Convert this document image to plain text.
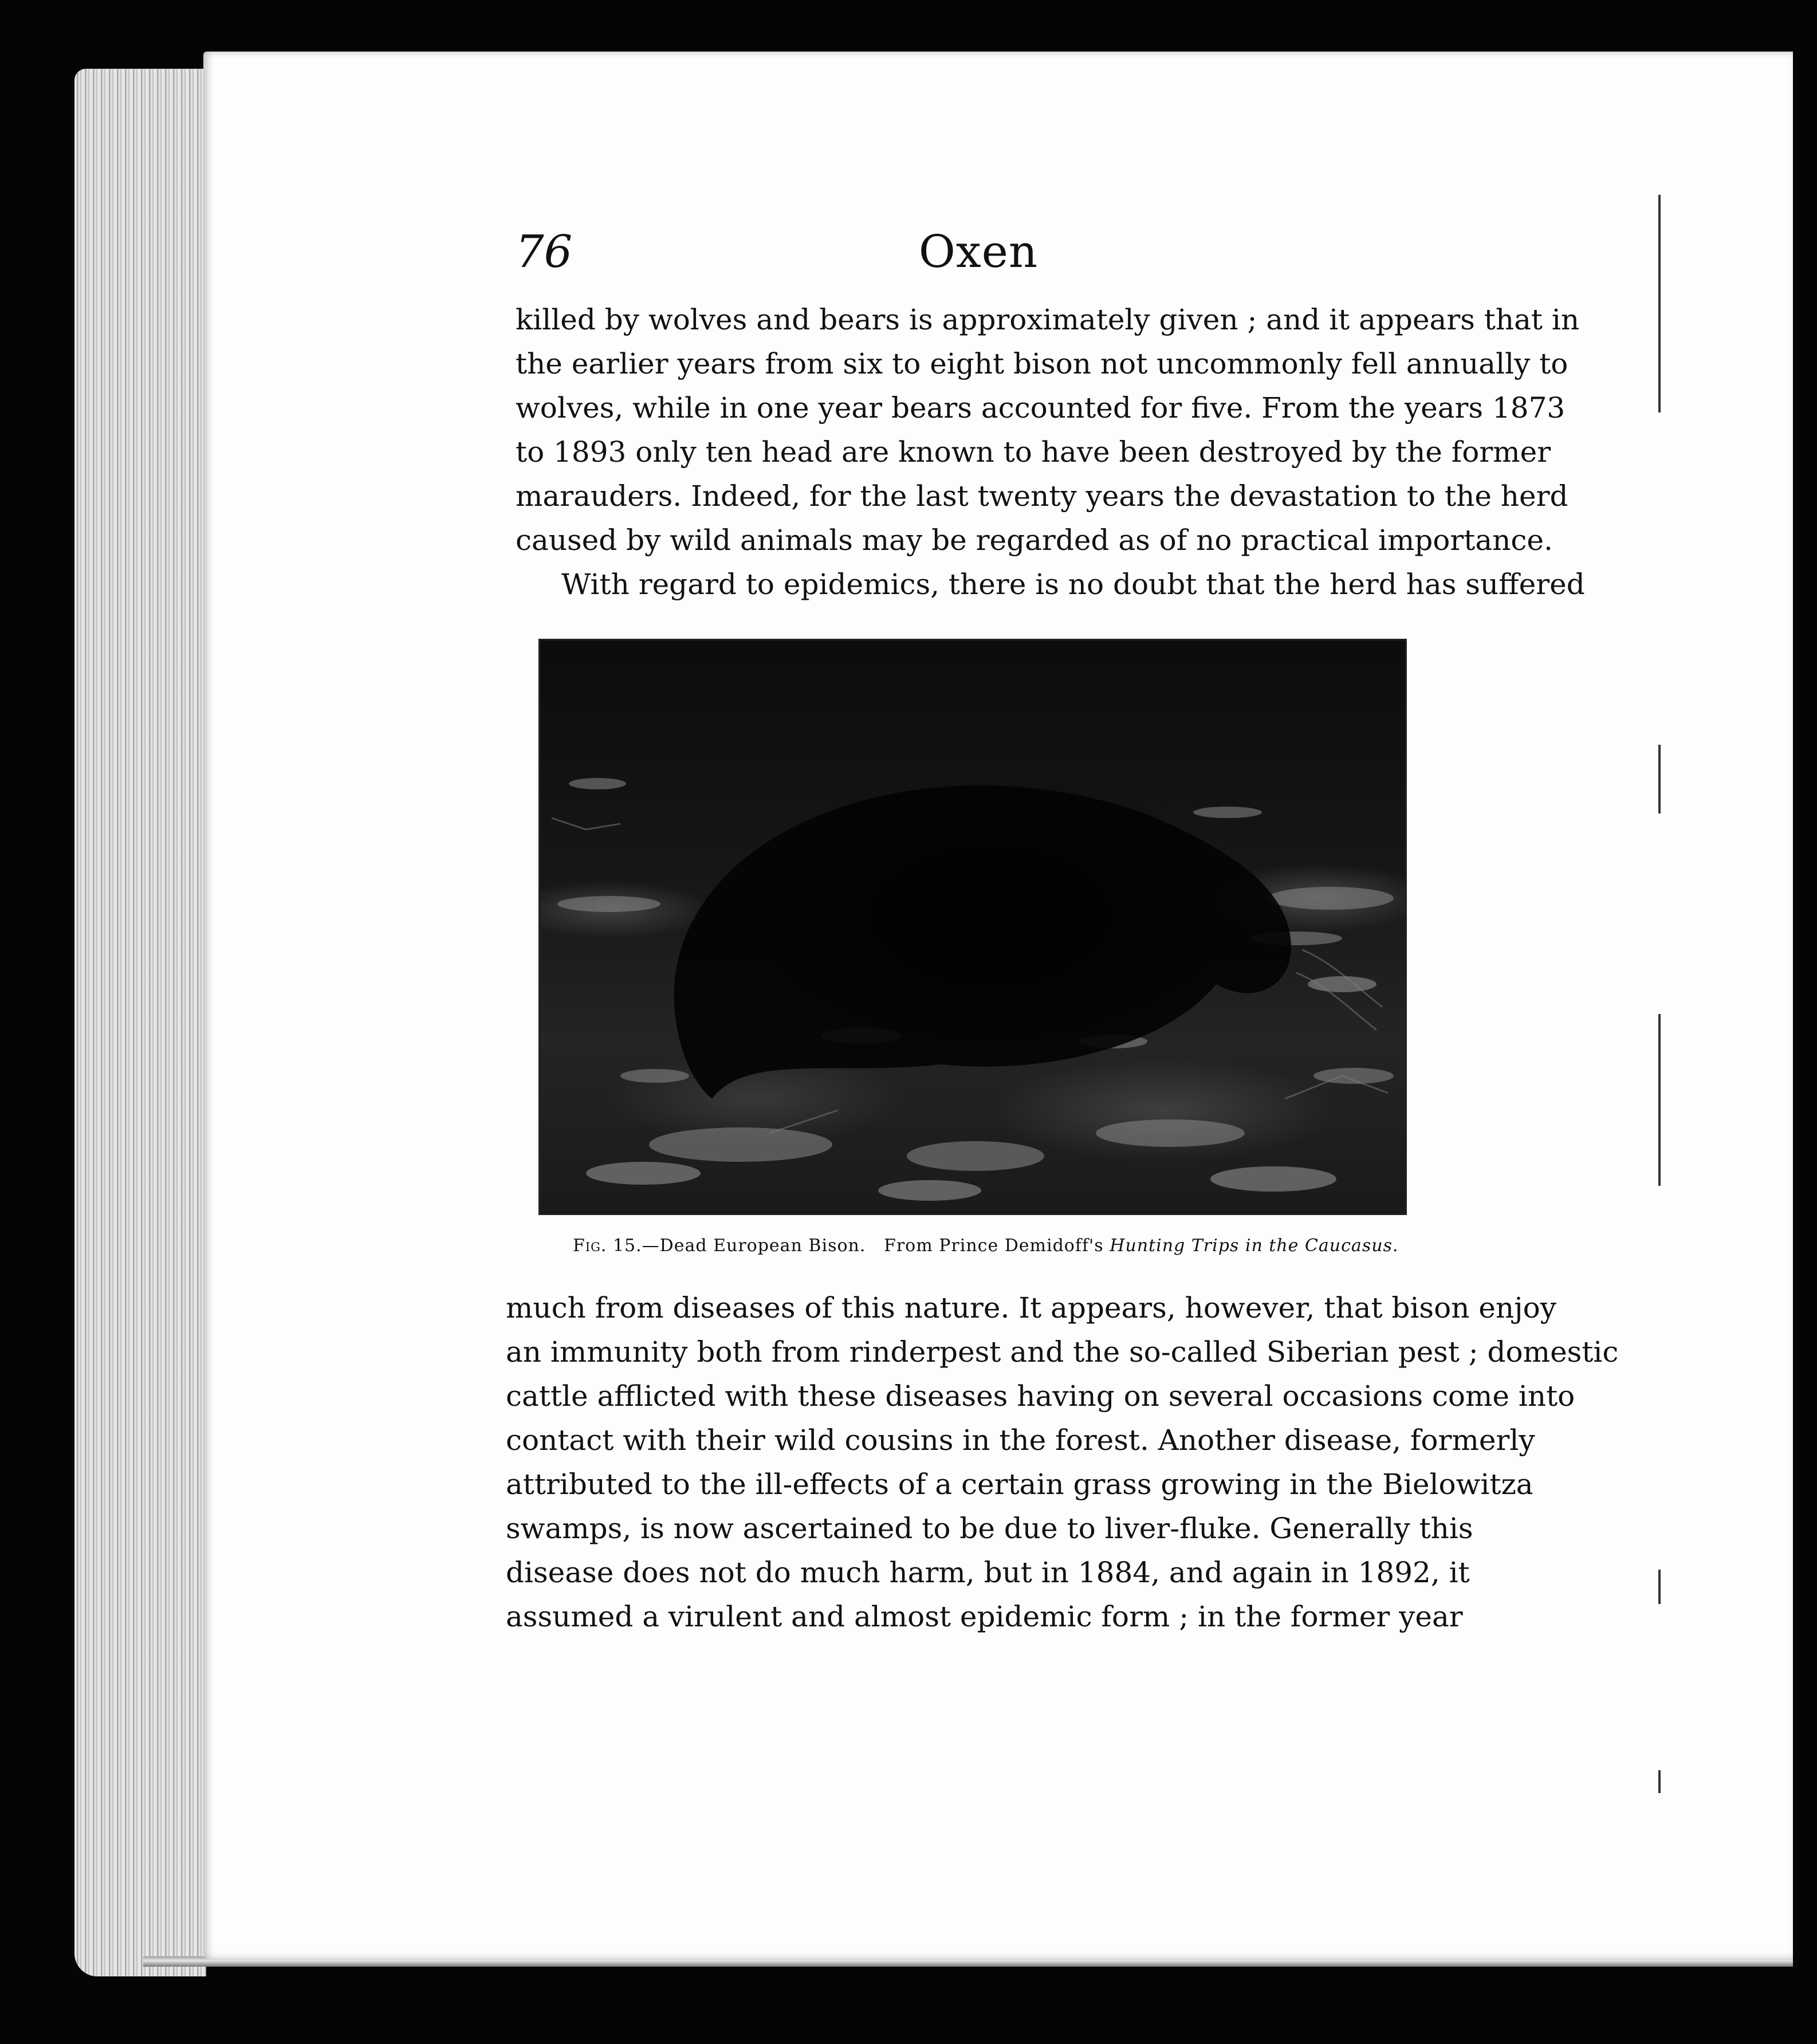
76	Oxen
killed by wolves and bears is approximately given ; and it appears that in
the earlier years from six to eight bison not uncommonly fell annually to
wolves, while in one year bears accounted for five. From the years 1873
to 1893 only ten head are known to have been destroyed by the former
marauders. Indeed, for the last twenty years the devastation to the herd
caused by wild animals may be regarded as of no practical importance.
With regard to epidemics, there is no doubt that the herd has suffered
Fig. 15.—Dead European Bison. From Prince Demidoff's Hunting Trips in the Caucasus.
much from diseases of this nature. It appears, however, that bison enjoy
an immunity both from rinderpest and the so-called Siberian pest ; domestic
cattle afflicted with these diseases having on several occasions come into
contact with their wild cousins in the forest. Another disease, formerly
attributed to the ill-effects of a certain grass growing in the Bielowitza
swamps, is now ascertained to be due to liver-fluke. Generally this
disease does not do much harm, but in 1884, and again in 1892, it
assumed a virulent and almost epidemic form ; in the former year
